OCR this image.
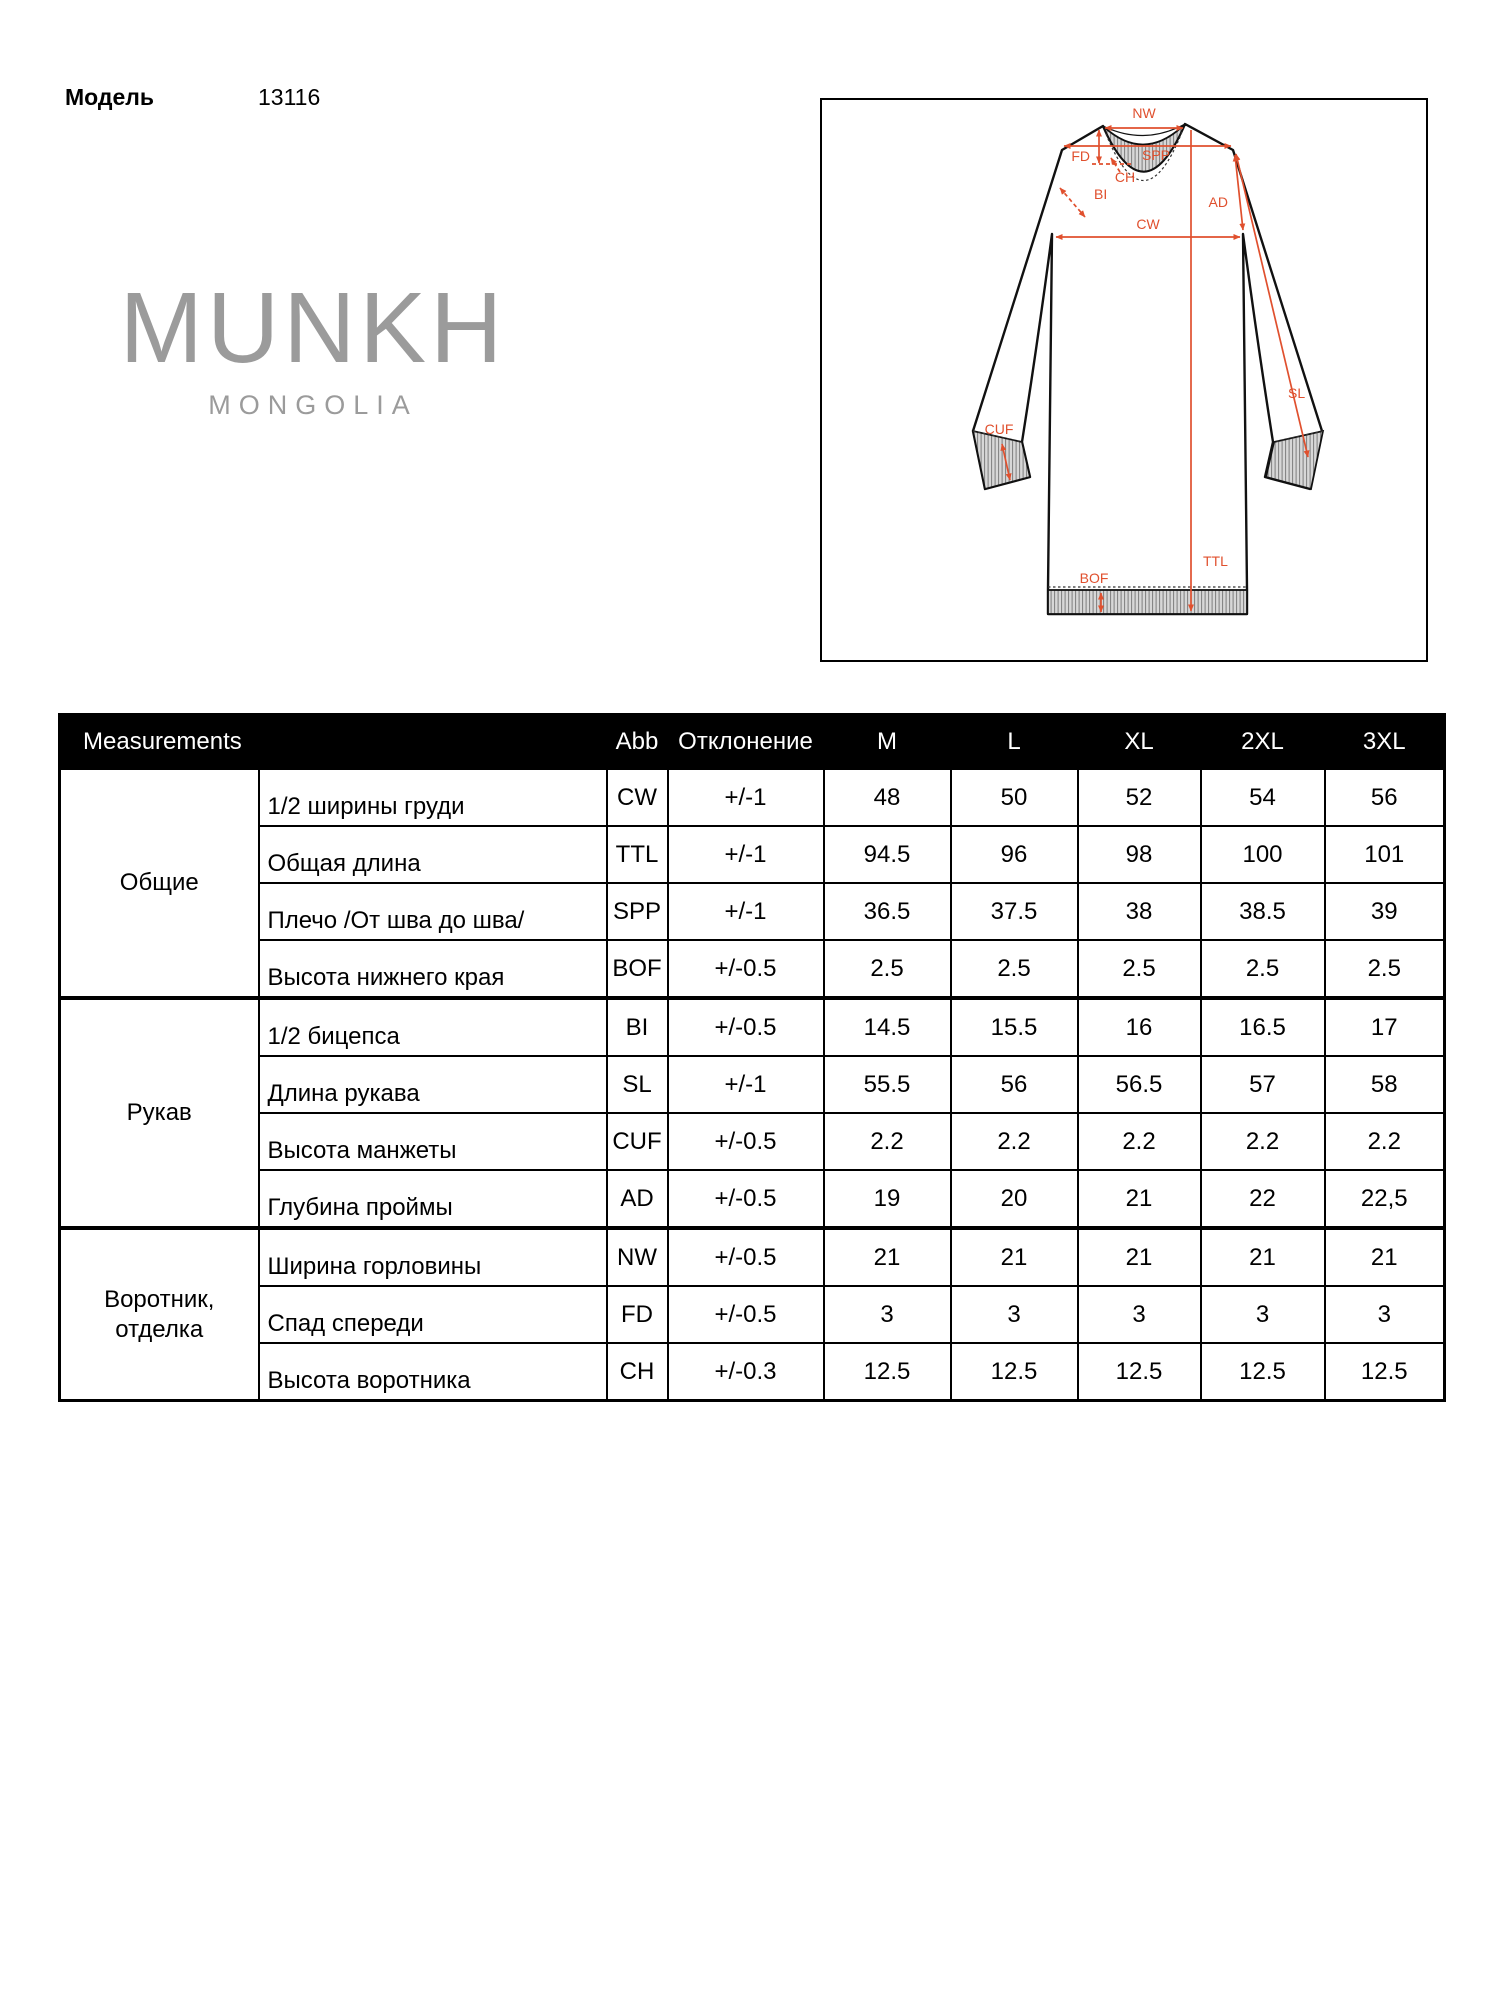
Модель	13116
MUNKH
MONGOLIA
NW
SPP
FD
CH
BI	AD
CW
SL
CUF
TTL
BOF
Measurements		Abb	Отклонение	M	L	XL	2XL	3XL
Общие	1/2 ширины груди	CW	+/-1	48	50	52	54	56
	Общая длина	TTL	+/-1	94.5	96	98	100	101
	Плечо /От шва до шва/	SPP	+/-1	36.5	37.5	38	38.5	39
	Высота нижнего края	BOF	+/-0.5	2.5	2.5	2.5	2.5	2.5
Рукав	1/2 бицепса	BI	+/-0.5	14.5	15.5	16	16.5	17
	Длина рукава	SL	+/-1	55.5	56	56.5	57	58
	Высота манжеты	CUF	+/-0.5	2.2	2.2	2.2	2.2	2.2
	Глубина проймы	AD	+/-0.5	19	20	21	22	22,5
Воротник, отделка	Ширина горловины	NW	+/-0.5	21	21	21	21	21
	Спад спереди	FD	+/-0.5	3	3	3	3	3
	Высота воротника	CH	+/-0.3	12.5	12.5	12.5	12.5	12.5
